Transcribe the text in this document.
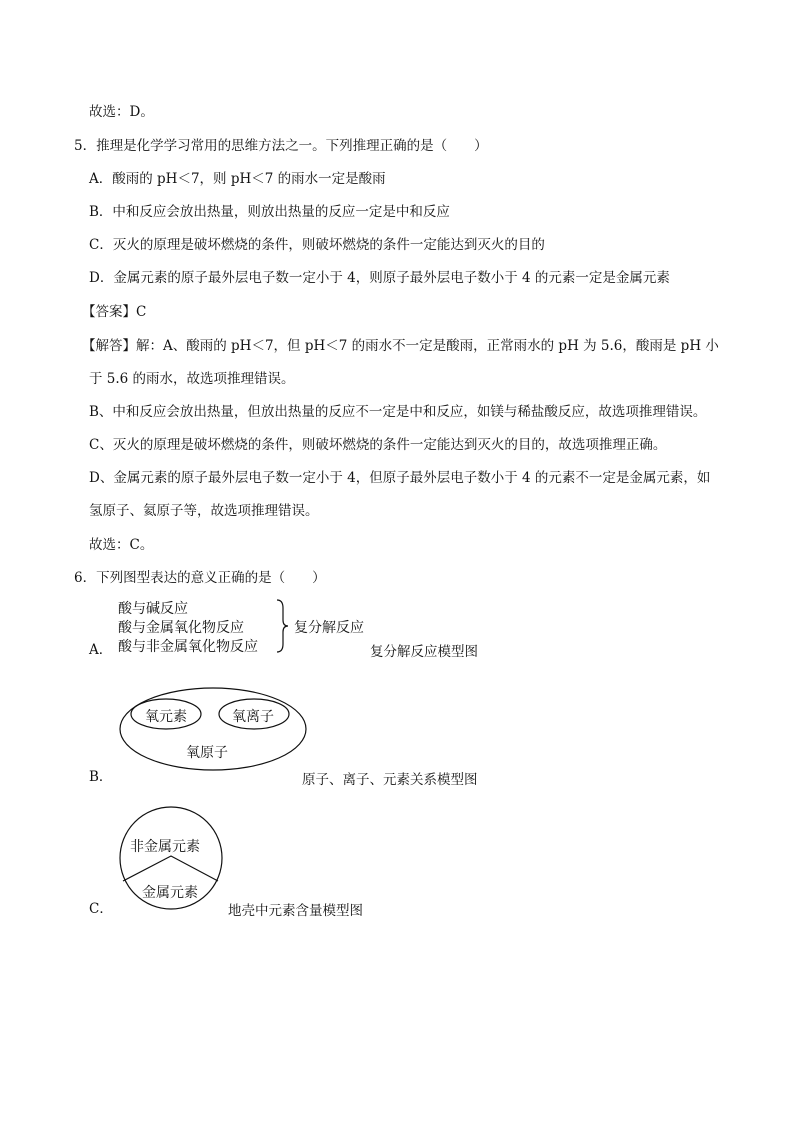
故选：D。
5．推理是化学学习常用的思维方法之一。下列推理正确的是（　　）
A．酸雨的 pH＜7，则 pH＜7 的雨水一定是酸雨
B．中和反应会放出热量，则放出热量的反应一定是中和反应
C．灭火的原理是破坏燃烧的条件，则破坏燃烧的条件一定能达到灭火的目的
D．金属元素的原子最外层电子数一定小于 4，则原子最外层电子数小于 4 的元素一定是金属元素
【答案】C
【解答】解：A、酸雨的 pH＜7，但 pH＜7 的雨水不一定是酸雨，正常雨水的 pH 为 5.6，酸雨是 pH 小
于 5.6 的雨水，故选项推理错误。
B、中和反应会放出热量，但放出热量的反应不一定是中和反应，如镁与稀盐酸反应，故选项推理错误。
C、灭火的原理是破坏燃烧的条件，则破坏燃烧的条件一定能达到灭火的目的，故选项推理正确。
D、金属元素的原子最外层电子数一定小于 4，但原子最外层电子数小于 4 的元素不一定是金属元素，如
氢原子、氦原子等，故选项推理错误。
故选：C。
6．下列图型表达的意义正确的是（　　）
酸与碱反应
酸与金属氧化物反应
酸与非金属氧化物反应
复分解反应
A．	复分解反应模型图
氧元素	氧离子
氧原子
B．	原子、离子、元素关系模型图
非金属元素
金属元素
C．	地壳中元素含量模型图
